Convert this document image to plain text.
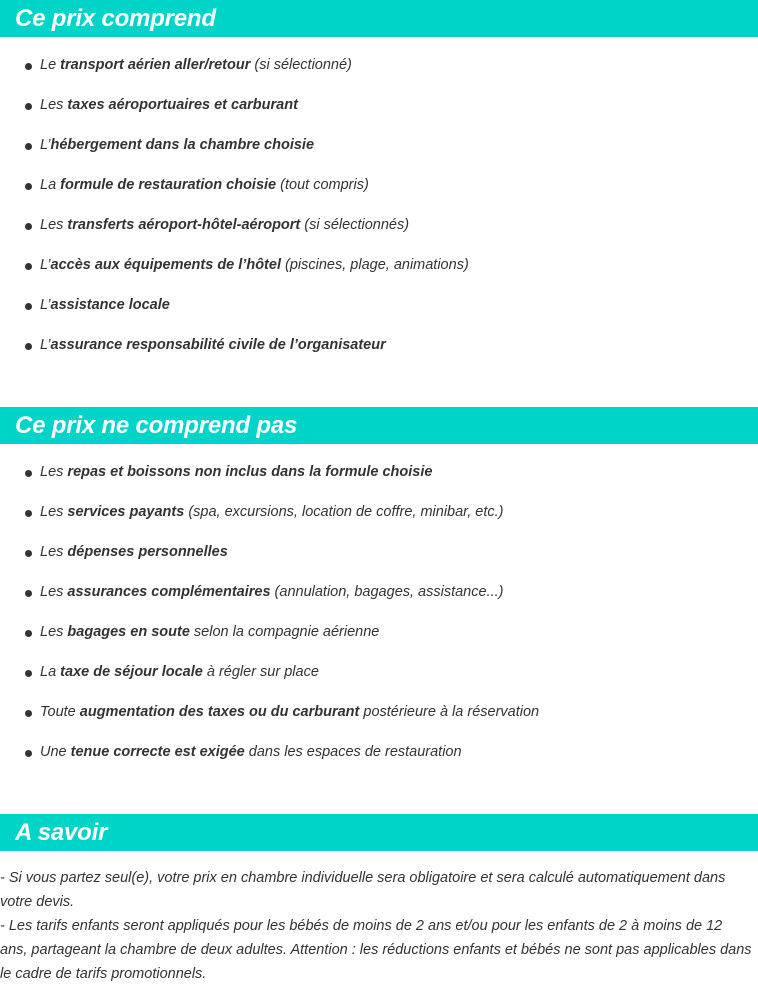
Ce prix comprend
Le transport aérien aller/retour (si sélectionné)
Les taxes aéroportuaires et carburant
L’hébergement dans la chambre choisie
La formule de restauration choisie (tout compris)
Les transferts aéroport-hôtel-aéroport (si sélectionnés)
L’accès aux équipements de l’hôtel (piscines, plage, animations)
L’assistance locale
L’assurance responsabilité civile de l’organisateur
Ce prix ne comprend pas
Les repas et boissons non inclus dans la formule choisie
Les services payants (spa, excursions, location de coffre, minibar, etc.)
Les dépenses personnelles
Les assurances complémentaires (annulation, bagages, assistance...)
Les bagages en soute selon la compagnie aérienne
La taxe de séjour locale à régler sur place
Toute augmentation des taxes ou du carburant postérieure à la réservation
Une tenue correcte est exigée dans les espaces de restauration
A savoir

- Si vous partez seul(e), votre prix en chambre individuelle sera obligatoire et sera calculé automatiquement dans votre devis.

- Les tarifs enfants seront appliqués pour les bébés de moins de 2 ans et/ou pour les enfants de 2 à moins de 12 ans, partageant la chambre de deux adultes. Attention : les réductions enfants et bébés ne sont pas applicables dans le cadre de tarifs promotionnels.
